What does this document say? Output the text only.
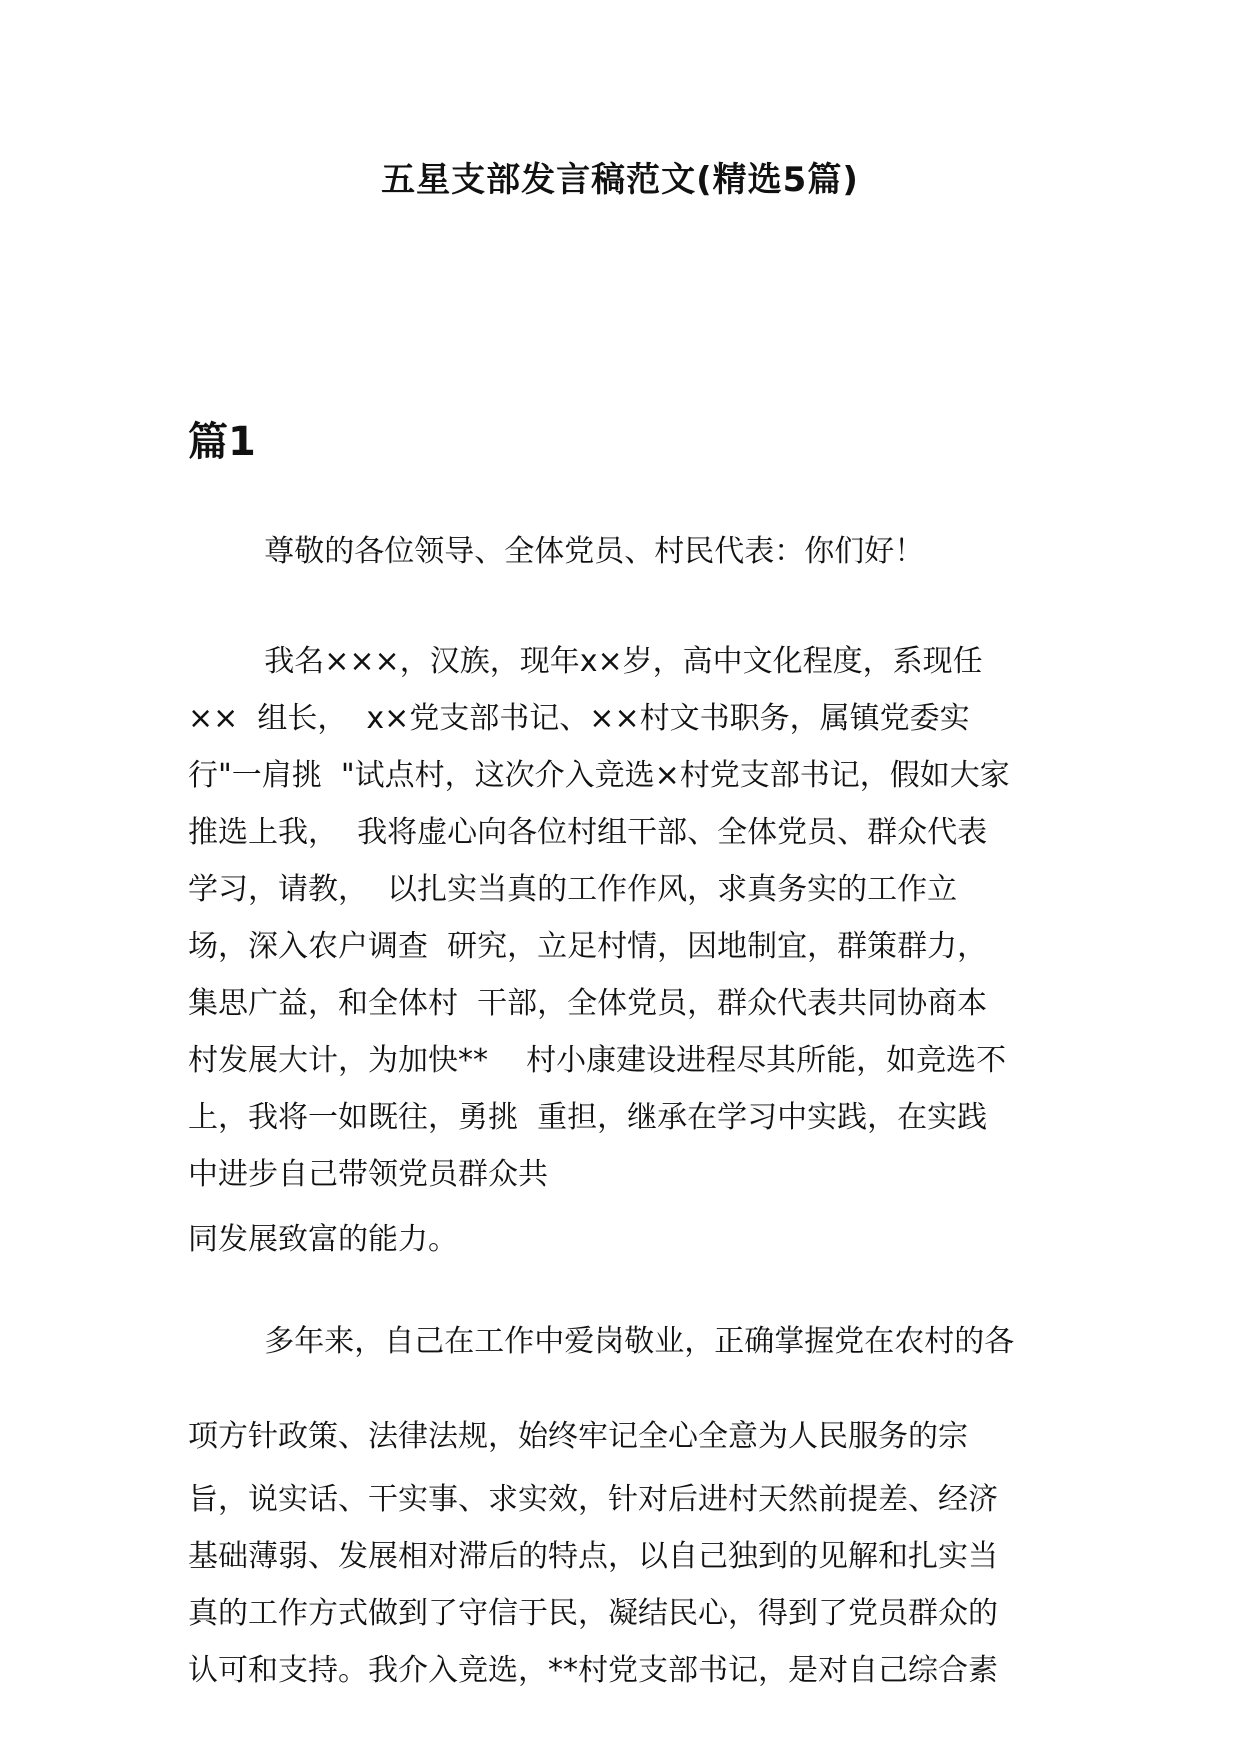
五星支部发言稿范文(精选5篇)
篇1

尊敬的各位领导、全体党员、村民代表：你们好！

我名×××，汉族，现年x×岁，高中文化程度，系现任

××  组长，  x×党支部书记、××村文书职务，属镇党委实

行"一肩挑  "试点村，这次介入竞选×村党支部书记，假如大家

推选上我，  我将虚心向各位村组干部、全体党员、群众代表

学习，请教，  以扎实当真的工作作风，求真务实的工作立

场，深入农户调查  研究，立足村情，因地制宜，群策群力，

集思广益，和全体村  干部，全体党员，群众代表共同协商本

村发展大计，为加快**    村小康建设进程尽其所能，如竞选不

上，我将一如既往，勇挑  重担，继承在学习中实践，在实践

中进步自己带领党员群众共

同发展致富的能力。

多年来，自己在工作中爱岗敬业，正确掌握党在农村的各

项方针政策、法律法规，始终牢记全心全意为人民服务的宗

旨，说实话、干实事、求实效，针对后进村天然前提差、经济

基础薄弱、发展相对滞后的特点，以自己独到的见解和扎实当

真的工作方式做到了守信于民，凝结民心，得到了党员群众的

认可和支持。我介入竞选，**村党支部书记，是对自己综合素
